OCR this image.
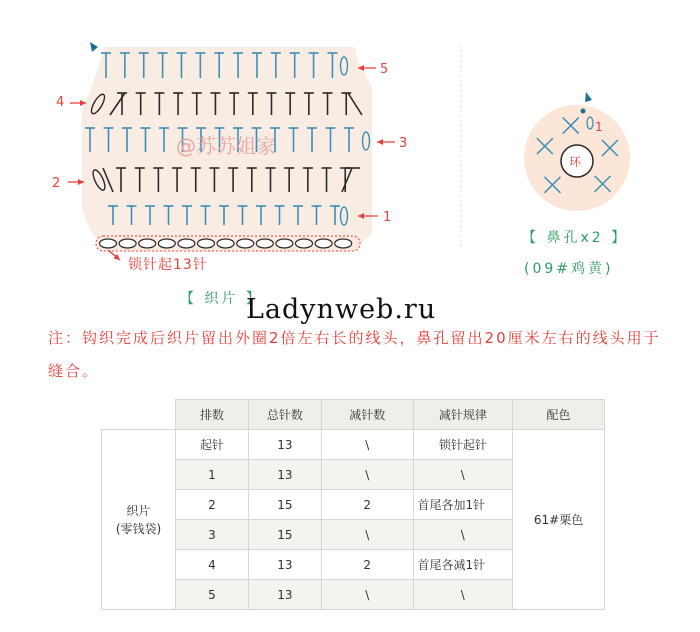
5
4
3
2
1
锁针起13针
@苏苏姐家
环
1
【 织片 】
【 鼻孔x2 】
(09#鸡黄)
Ladynweb.ru
注：钩织完成后织片留出外圈2倍左右长的线头，鼻孔留出20厘米左右的线头用于缝合。
	排数	总针数	减针数	减针规律	配色

织片
(零钱袋)	起针	13	\	锁针起针	61#栗色
	1	13	\	\	
	2	15	2	首尾各加1针	
	3	15	\	\	
	4	13	2	首尾各减1针	
	5	13	\	\	
